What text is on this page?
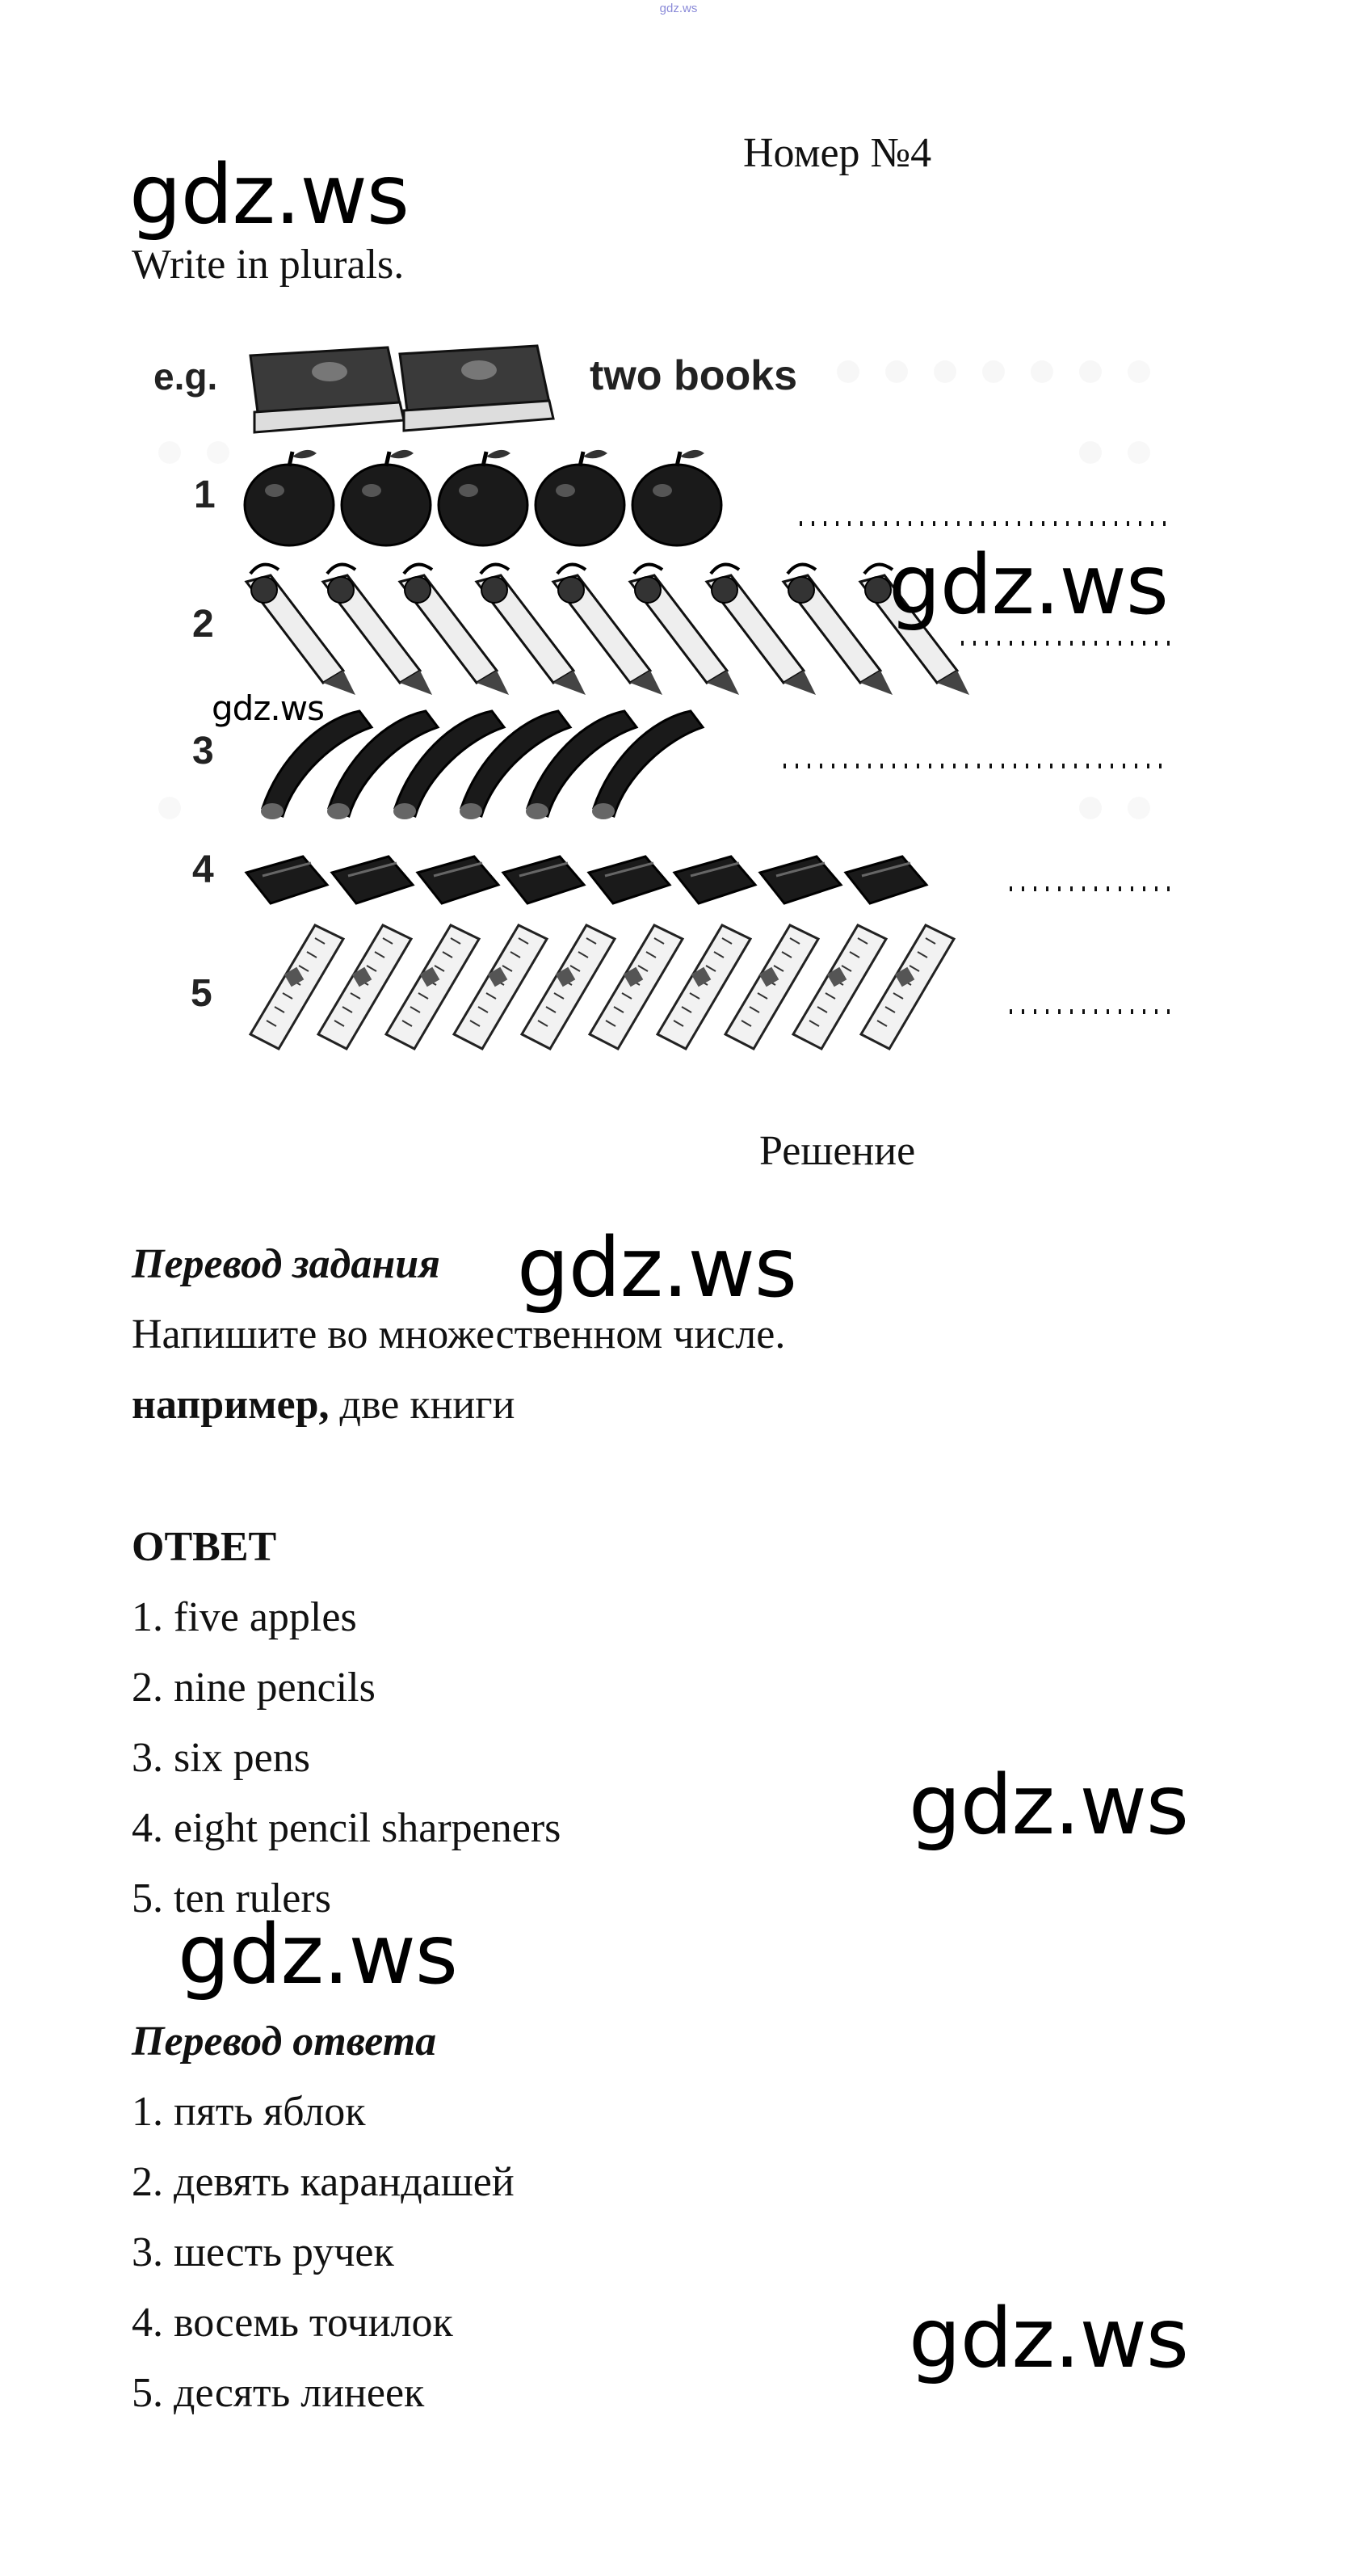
gdz.ws
Номер №4
gdz.ws
Write in plurals.
e.g.	two books
1
2
3
4
5
gdz.ws
gdz.ws
Решение
Перевод задания gdz.ws
Напишите во множественном числе.
например, две книги
ОТВЕТ
1. five apples
2. nine pencils
3. six pens
4. eight pencil sharpeners
5. ten rulers
gdz.ws
gdz.ws
Перевод ответа
1. пять яблок
2. девять карандашей
3. шесть ручек
4. восемь точилок
5. десять линеек
gdz.ws
